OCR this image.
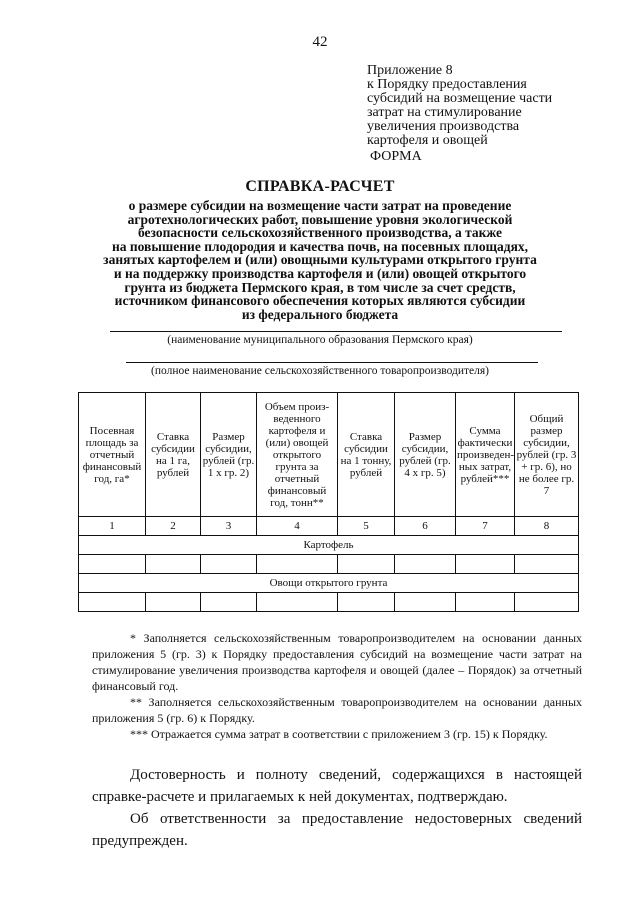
42
Приложение 8
к Порядку предоставления
субсидий на возмещение части
затрат на стимулирование
увеличения производства
картофеля и овощей
ФОРМА
СПРАВКА-РАСЧЕТ
о размере субсидии на возмещение части затрат на проведение
агротехнологических работ, повышение уровня экологической
безопасности сельскохозяйственного производства, а также
на повышение плодородия и качества почв, на посевных площадях,
занятых картофелем и (или) овощными культурами открытого грунта
и на поддержку производства картофеля и (или) овощей открытого
грунта из бюджета Пермского края, в том числе за счет средств,
источником финансового обеспечения которых являются субсидии
из федерального бюджета
(наименование муниципального образования Пермского края)
(полное наименование сельскохозяйственного товаропроизводителя)
Посевная площадь за отчетный финансовый год, га*	Ставка субсидии на 1 га, рублей	Размер субсидии, рублей (гр. 1 х гр. 2)	Объем произ-веденного картофеля и (или) овощей открытого грунта за отчетный финансовый год, тонн**	Ставка субсидии на 1 тонну, рублей	Размер субсидии, рублей (гр. 4 х гр. 5)	Сумма фактически произведен-ных затрат, рублей***	Общий размер субсидии, рублей (гр. 3 + гр. 6), но не более гр. 7
1	2	3	4	5	6	7	8
Картофель							

Овощи открытого грунта							

* Заполняется сельскохозяйственным товаропроизводителем на основании данных приложения 5 (гр. 3) к Порядку предоставления субсидий на возмещение части затрат на стимулирование увеличения производства картофеля и овощей (далее – Порядок) за отчетный финансовый год.

** Заполняется сельскохозяйственным товаропроизводителем на основании данных приложения 5 (гр. 6) к Порядку.

*** Отражается сумма затрат в соответствии с приложением 3 (гр. 15) к Порядку.

Достоверность и полноту сведений, содержащихся в настоящей справке-расчете и прилагаемых к ней документах, подтверждаю.

Об ответственности за предоставление недостоверных сведений предупрежден.
